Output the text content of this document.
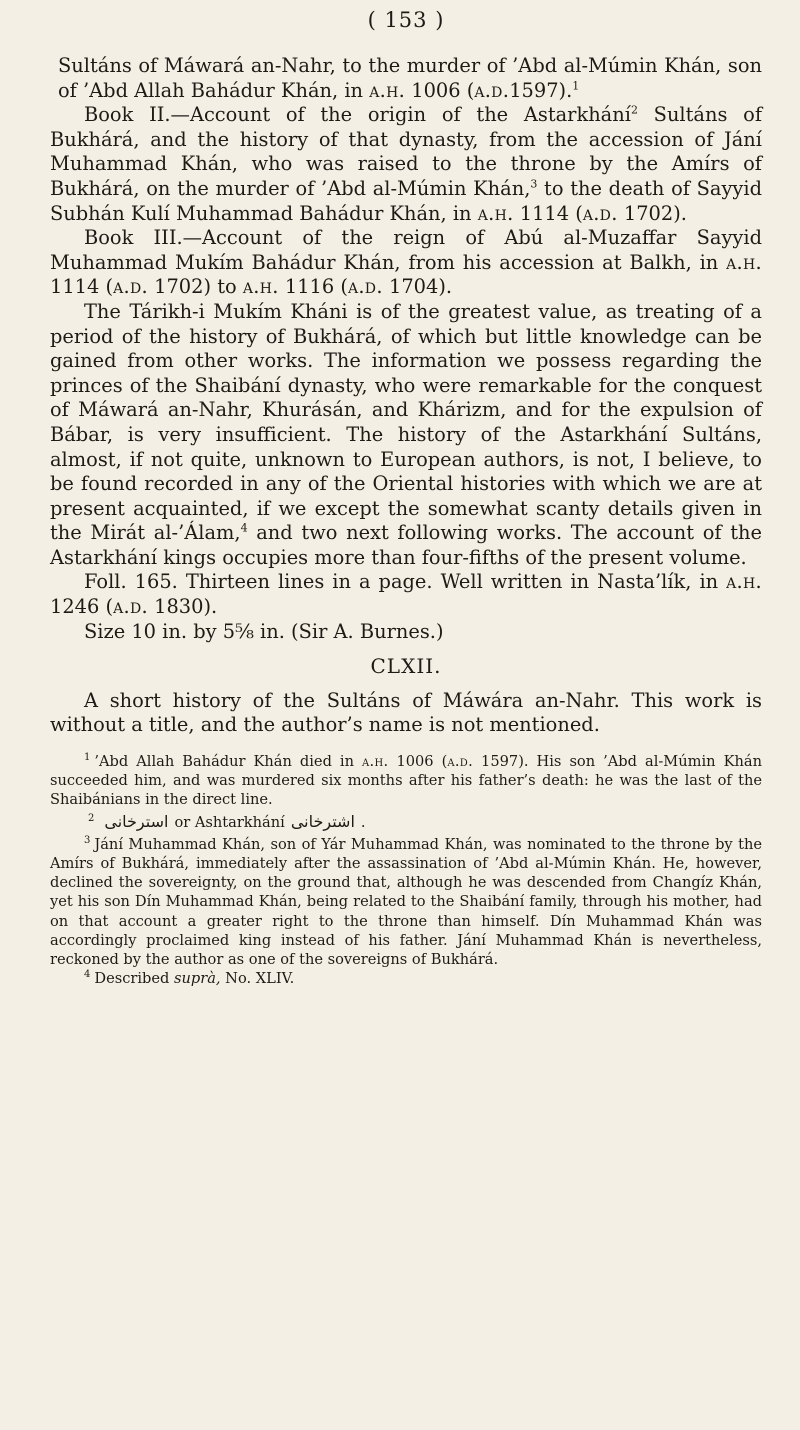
( 153 )

Sultáns of Máwará an-Nahr, to the murder of ’Abd al-Múmin Khán, son of ’Abd Allah Bahádur Khán, in a.h. 1006 (a.d.1597).$^1$

Book II.—Account of the origin of the Astarkhání$^2$ Sultáns of Bukhárá, and the history of that dynasty, from the accession of Jání Muhammad Khán, who was raised to the throne by the Amírs of Bukhárá, on the murder of ’Abd al-Múmin Khán,$^3$ to the death of Sayyid Subhán Kulí Muhammad Bahádur Khán, in a.h. 1114 (a.d. 1702).

Book III.—Account of the reign of Abú al-Muzaffar Sayyid Muhammad Mukím Bahádur Khán, from his accession at Balkh, in a.h. 1114 (a.d. 1702) to a.h. 1116 (a.d. 1704).

The Tárikh-i Mukím Kháni is of the greatest value, as treating of a period of the history of Bukhárá, of which but little knowledge can be gained from other works. The information we possess regarding the princes of the Shaibání dynasty, who were remarkable for the conquest of Máwará an-Nahr, Khurásán, and Khárizm, and for the expulsion of Bábar, is very insufficient. The history of the Astarkhání Sultáns, almost, if not quite, unknown to European authors, is not, I believe, to be found recorded in any of the Oriental histories with which we are at present acquainted, if we except the somewhat scanty details given in the Mirát al-’Álam,$^4$ and two next following works. The account of the Astarkhání kings occupies more than four-fifths of the present volume.

Foll. 165. Thirteen lines in a page. Well written in Nasta’lík, in a.h. 1246 (a.d. 1830).

Size 10 in. by 5⅝ in. (Sir A. Burnes.)

CLXII.

A short history of the Sultáns of Máwára an-Nahr. This work is without a title, and the author’s name is not mentioned.

$^1$ ’Abd Allah Bahádur Khán died in a.h. 1006 (a.d. 1597). His son ’Abd al-Múmin Khán succeeded him, and was murdered six months after his father’s death: he was the last of the Shaibánians in the direct line.

$^2$ استرخانی or Ashtarkhání اشترخانی .

$^3$ Jání Muhammad Khán, son of Yár Muhammad Khán, was nominated to the throne by the Amírs of Bukhárá, immediately after the assassination of ’Abd al-Múmin Khán. He, however, declined the sovereignty, on the ground that, although he was descended from Changíz Khán, yet his son Dín Muhammad Khán, being related to the Shaibání family, through his mother, had on that account a greater right to the throne than himself. Dín Muhammad Khán was accordingly proclaimed king instead of his father. Jání Muhammad Khán is nevertheless, reckoned by the author as one of the sovereigns of Bukhárá.

$^4$ Described suprà, No. XLIV.
